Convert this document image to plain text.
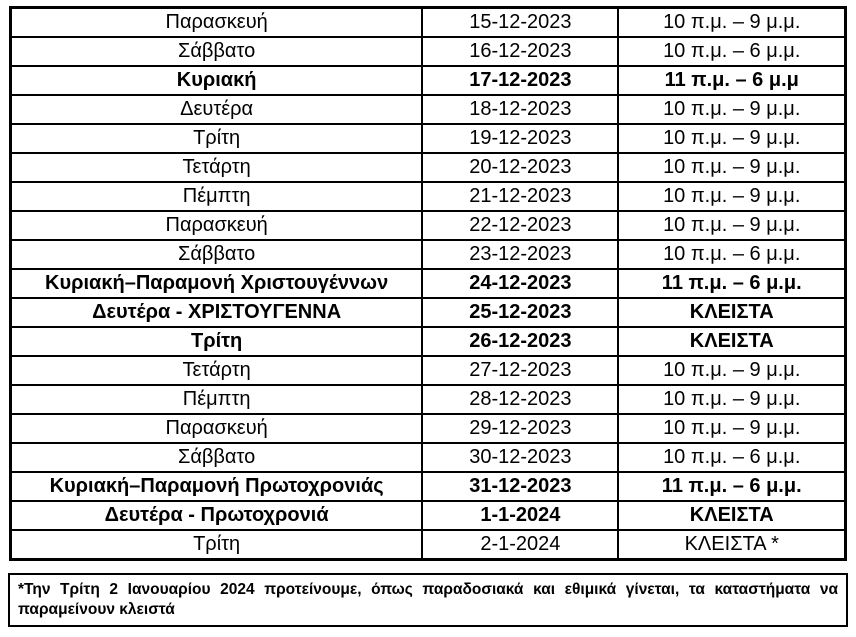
Παρασκευή	15-12-2023	10 π.μ. – 9 μ.μ.
Σάββατο	16-12-2023	10 π.μ. – 6 μ.μ.
Κυριακή	17-12-2023	11 π.μ. – 6 μ.μ
Δευτέρα	18-12-2023	10 π.μ. – 9 μ.μ.
Τρίτη	19-12-2023	10 π.μ. – 9 μ.μ.
Τετάρτη	20-12-2023	10 π.μ. – 9 μ.μ.
Πέμπτη	21-12-2023	10 π.μ. – 9 μ.μ.
Παρασκευή	22-12-2023	10 π.μ. – 9 μ.μ.
Σάββατο	23-12-2023	10 π.μ. – 6 μ.μ.
Κυριακή–Παραμονή Χριστουγέννων	24-12-2023	11 π.μ. – 6 μ.μ.
Δευτέρα - ΧΡΙΣΤΟΥΓΕΝΝΑ	25-12-2023	ΚΛΕΙΣΤΑ
Τρίτη	26-12-2023	ΚΛΕΙΣΤΑ
Τετάρτη	27-12-2023	10 π.μ. – 9 μ.μ.
Πέμπτη	28-12-2023	10 π.μ. – 9 μ.μ.
Παρασκευή	29-12-2023	10 π.μ. – 9 μ.μ.
Σάββατο	30-12-2023	10 π.μ. – 6 μ.μ.
Κυριακή–Παραμονή Πρωτοχρονιάς	31-12-2023	11 π.μ. – 6 μ.μ.
Δευτέρα - Πρωτοχρονιά	1-1-2024	ΚΛΕΙΣΤΑ
Τρίτη	2-1-2024	ΚΛΕΙΣΤΑ *
*Την Τρίτη 2 Ιανουαρίου 2024 προτείνουμε, όπως παραδοσιακά και εθιμικά γίνεται, τα καταστήματα να παραμείνουν κλειστά
